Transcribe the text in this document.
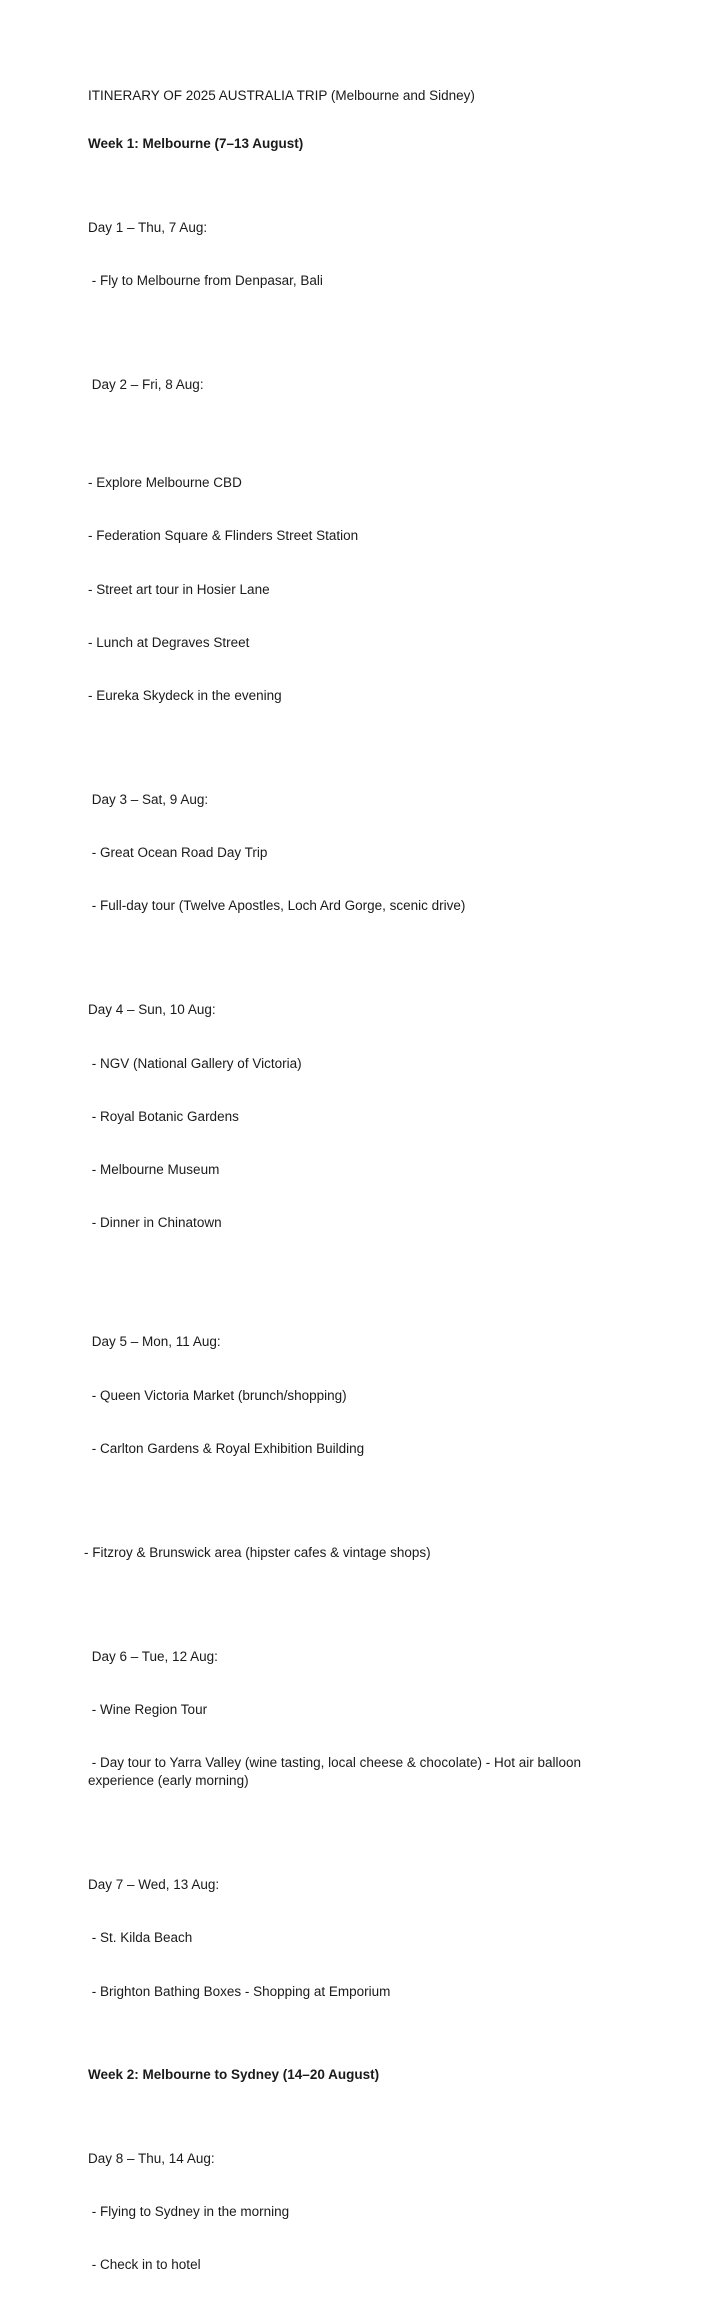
ITINERARY OF 2025 AUSTRALIA TRIP (Melbourne and Sidney)

Week 1: Melbourne (7–13 August)

Day 1 – Thu, 7 Aug:

- Fly to Melbourne from Denpasar, Bali

Day 2 – Fri, 8 Aug:

- Explore Melbourne CBD

- Federation Square & Flinders Street Station

- Street art tour in Hosier Lane

- Lunch at Degraves Street

- Eureka Skydeck in the evening

Day 3 – Sat, 9 Aug:

- Great Ocean Road Day Trip

- Full-day tour (Twelve Apostles, Loch Ard Gorge, scenic drive)

Day 4 – Sun, 10 Aug:

- NGV (National Gallery of Victoria)

- Royal Botanic Gardens

- Melbourne Museum

- Dinner in Chinatown

Day 5 – Mon, 11 Aug:

- Queen Victoria Market (brunch/shopping)

- Carlton Gardens & Royal Exhibition Building

- Fitzroy & Brunswick area (hipster cafes & vintage shops)

Day 6 – Tue, 12 Aug:

- Wine Region Tour

- Day tour to Yarra Valley (wine tasting, local cheese & chocolate) - Hot air balloon experience (early morning)

Day 7 – Wed, 13 Aug:

- St. Kilda Beach

- Brighton Bathing Boxes - Shopping at Emporium

Week 2: Melbourne to Sydney (14–20 August)

Day 8 – Thu, 14 Aug:

- Flying to Sydney in the morning

- Check in to hotel
